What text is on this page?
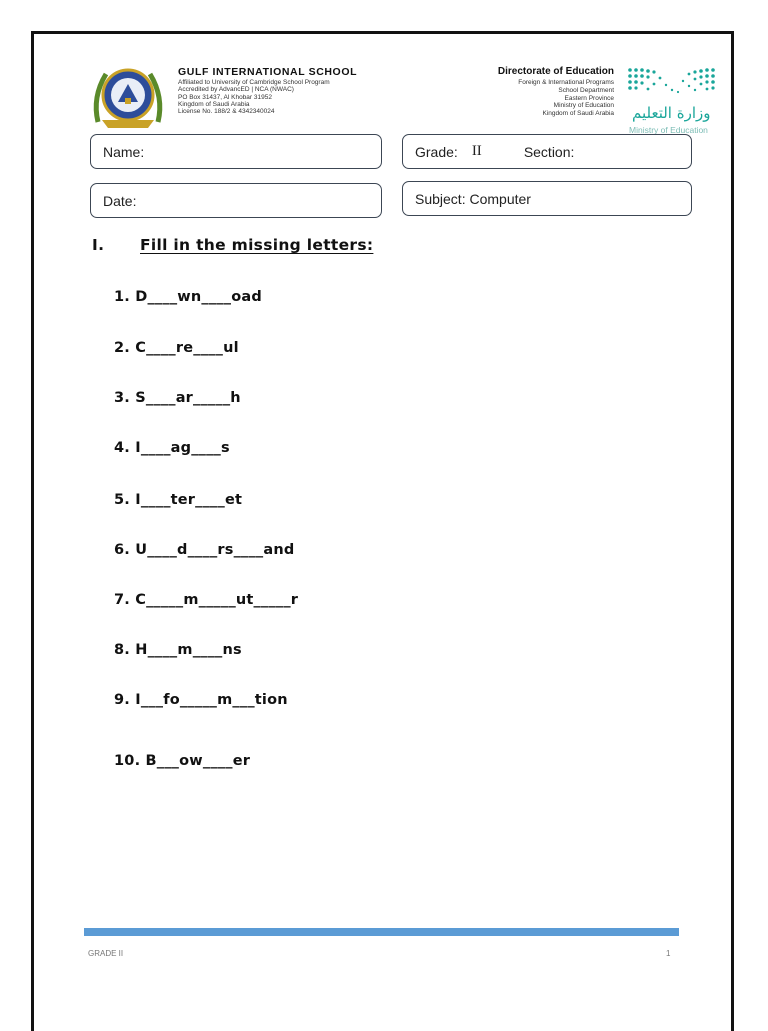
GULF INTERNATIONAL SCHOOL
Affiliated to University of Cambridge School Program
Accredited by AdvancED | NCA (NWAC)
PO Box 31437, Al Khobar 31952
Kingdom of Saudi Arabia
License No. 188/2 & 4342340024
Directorate of Education
Foreign & International Programs
School Department
Eastern Province
Ministry of Education
Kingdom of Saudi Arabia وزارة التعليم
Ministry of Education
Name:	Grade: II	Section:
Date:	Subject: Computer
I. Fill in the missing letters:
1. D____wn____oad
2. C____re____ul
3. S____ar_____h
4. I____ag____s
5. I____ter____et
6. U____d____rs____and
7. C_____m_____ut_____r
8. H____m____ns
9. I___fo_____m___tion
10. B___ow____er
GRADE II	1
